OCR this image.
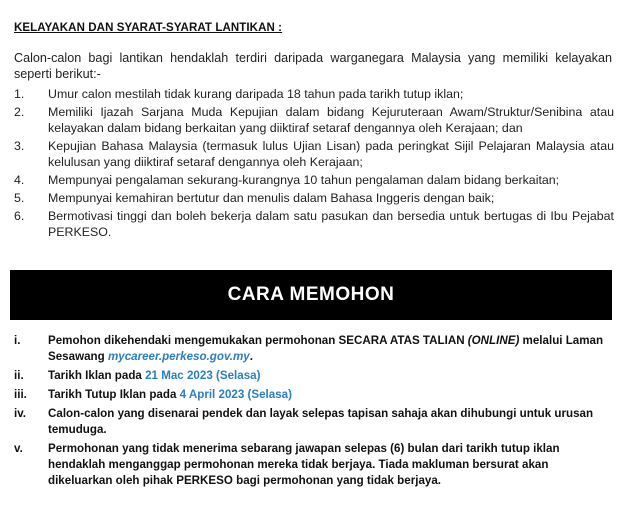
KELAYAKAN DAN SYARAT-SYARAT LANTIKAN :
Calon-calon bagi lantikan hendaklah terdiri daripada warganegara Malaysia yang memiliki kelayakan seperti berikut:-
1.	Umur calon mestilah tidak kurang daripada 18 tahun pada tarikh tutup iklan;
2.	Memiliki Ijazah Sarjana Muda Kepujian dalam bidang Kejuruteraan Awam/Struktur/Senibina atau kelayakan dalam bidang berkaitan yang diiktiraf setaraf dengannya oleh Kerajaan; dan
3.	Kepujian Bahasa Malaysia (termasuk lulus Ujian Lisan) pada peringkat Sijil Pelajaran Malaysia atau kelulusan yang diiktiraf setaraf dengannya oleh Kerajaan;
4.	Mempunyai pengalaman sekurang-kurangnya 10 tahun pengalaman dalam bidang berkaitan;
5.	Mempunyai kemahiran bertutur dan menulis dalam Bahasa Inggeris dengan baik;
6.	Bermotivasi tinggi dan boleh bekerja dalam satu pasukan dan bersedia untuk bertugas di Ibu Pejabat PERKESO.
CARA MEMOHON
i.	Pemohon dikehendaki mengemukakan permohonan SECARA ATAS TALIAN (ONLINE) melalui Laman Sesawang mycareer.perkeso.gov.my.
ii.	Tarikh Iklan pada 21 Mac 2023 (Selasa)
iii.	Tarikh Tutup Iklan pada 4 April 2023 (Selasa)
iv.	Calon-calon yang disenarai pendek dan layak selepas tapisan sahaja akan dihubungi untuk urusan temuduga.
v.	Permohonan yang tidak menerima sebarang jawapan selepas (6) bulan dari tarikh tutup iklan hendaklah menganggap permohonan mereka tidak berjaya. Tiada makluman bersurat akan dikeluarkan oleh pihak PERKESO bagi permohonan yang tidak berjaya.
